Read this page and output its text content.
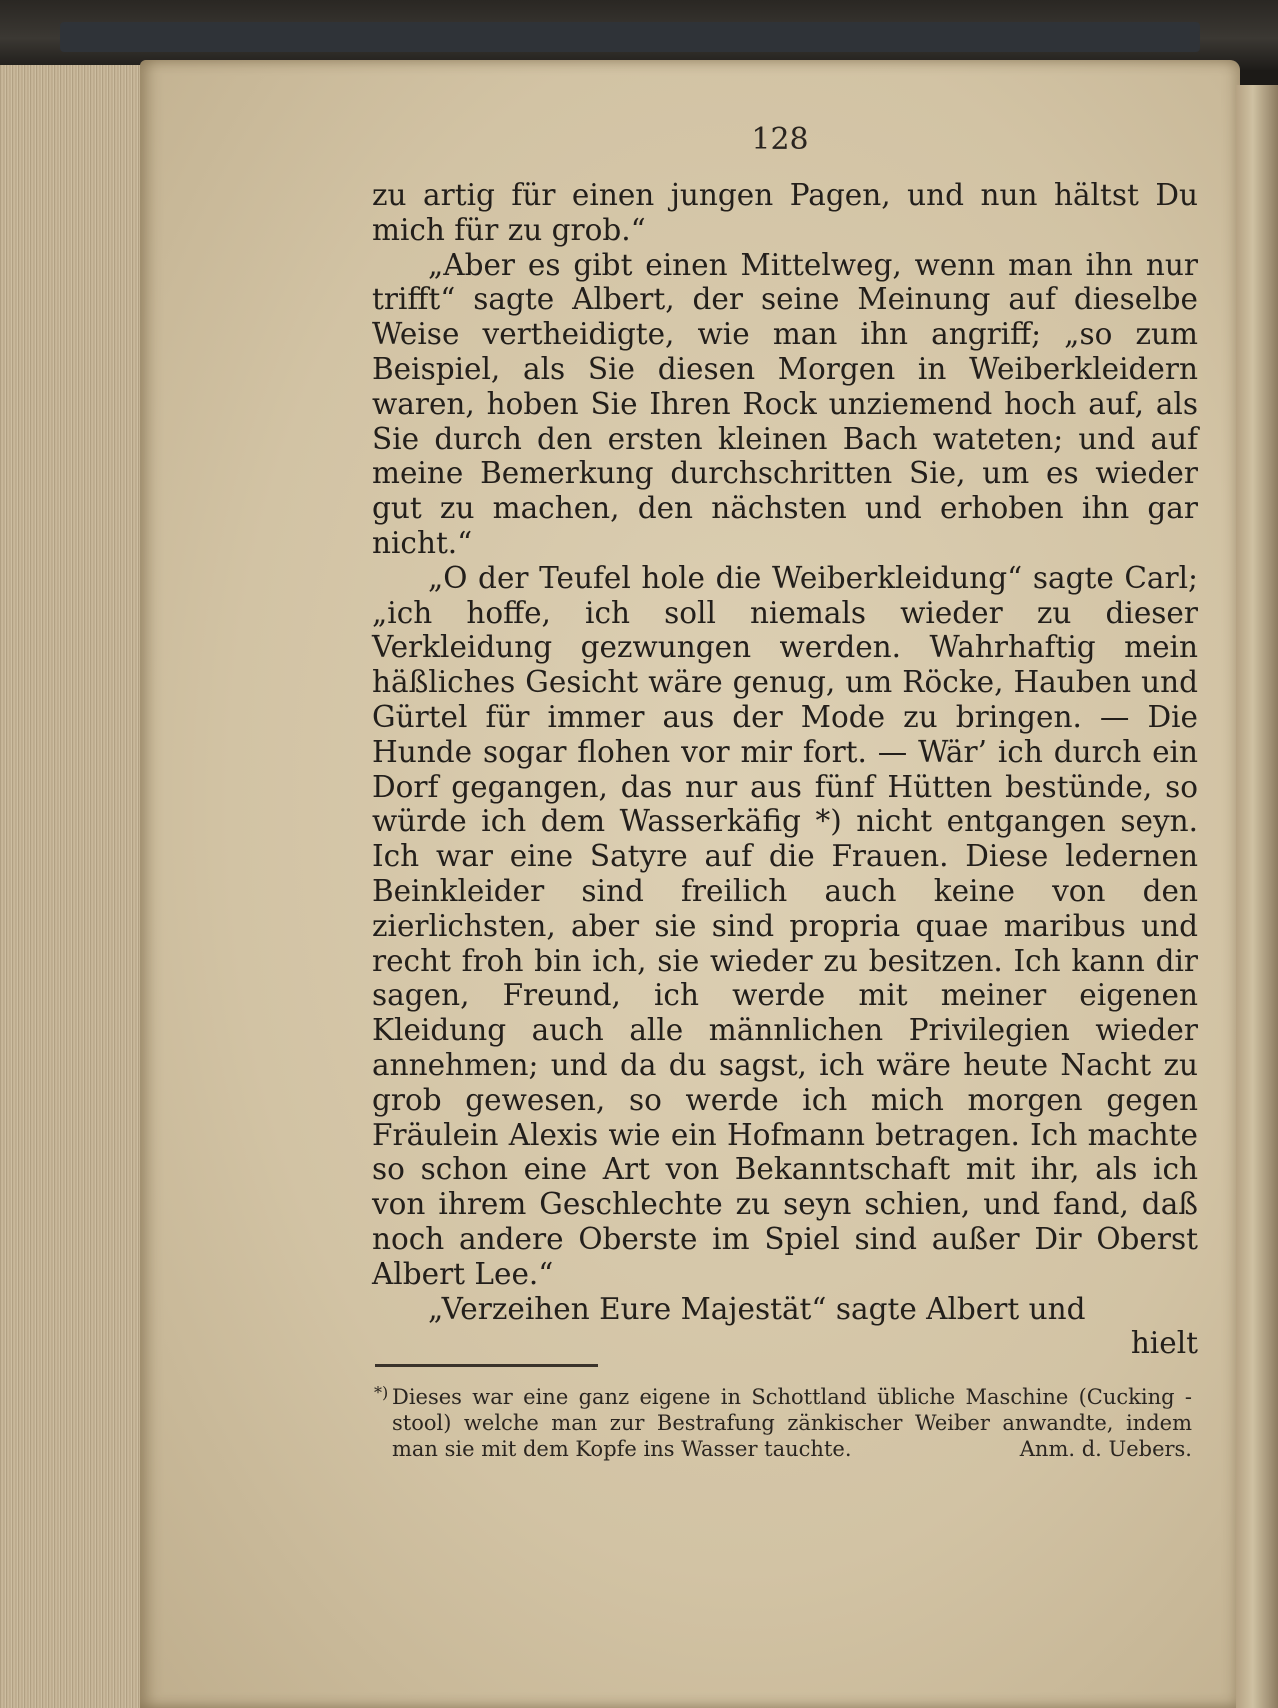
128

zu artig für einen jungen Pagen, und nun hältst Du mich für zu grob.“

„Aber es gibt einen Mittelweg, wenn man ihn nur trifft“ sagte Albert, der seine Meinung auf dieselbe Weise vertheidigte, wie man ihn angriff; „so zum Beispiel, als Sie diesen Morgen in Weiberkleidern waren, hoben Sie Ihren Rock unziemend hoch auf, als Sie durch den ersten kleinen Bach wateten; und auf meine Bemerkung durchschritten Sie, um es wieder gut zu machen, den nächsten und erhoben ihn gar nicht.“

„O der Teufel hole die Weiberkleidung“ sagte Carl; „ich hoffe, ich soll niemals wieder zu dieser Verkleidung gezwungen werden. Wahrhaftig mein häßliches Gesicht wäre genug, um Röcke, Hauben und Gürtel für immer aus der Mode zu bringen. — Die Hunde sogar flohen vor mir fort. — Wär’ ich durch ein Dorf gegangen, das nur aus fünf Hütten bestünde, so würde ich dem Wasserkäfig *) nicht entgangen seyn. Ich war eine Satyre auf die Frauen. Diese ledernen Beinkleider sind freilich auch keine von den zierlichsten, aber sie sind propria quae maribus und recht froh bin ich, sie wieder zu besitzen. Ich kann dir sagen, Freund, ich werde mit meiner eigenen Kleidung auch alle männlichen Privilegien wieder annehmen; und da du sagst, ich wäre heute Nacht zu grob gewesen, so werde ich mich morgen gegen Fräulein Alexis wie ein Hofmann betragen. Ich machte so schon eine Art von Bekanntschaft mit ihr, als ich von ihrem Geschlechte zu seyn schien, und fand, daß noch andere Oberste im Spiel sind außer Dir Oberst Albert Lee.“

„Verzeihen Eure Majestät“ sagte Albert und

hielt

*) Dieses war eine ganz eigene in Schottland übliche Maschine (Cucking - stool) welche man zur Bestrafung zänkischer Weiber anwandte, indem man sie mit dem Kopfe ins Wasser tauchte.	Anm. d. Uebers.
